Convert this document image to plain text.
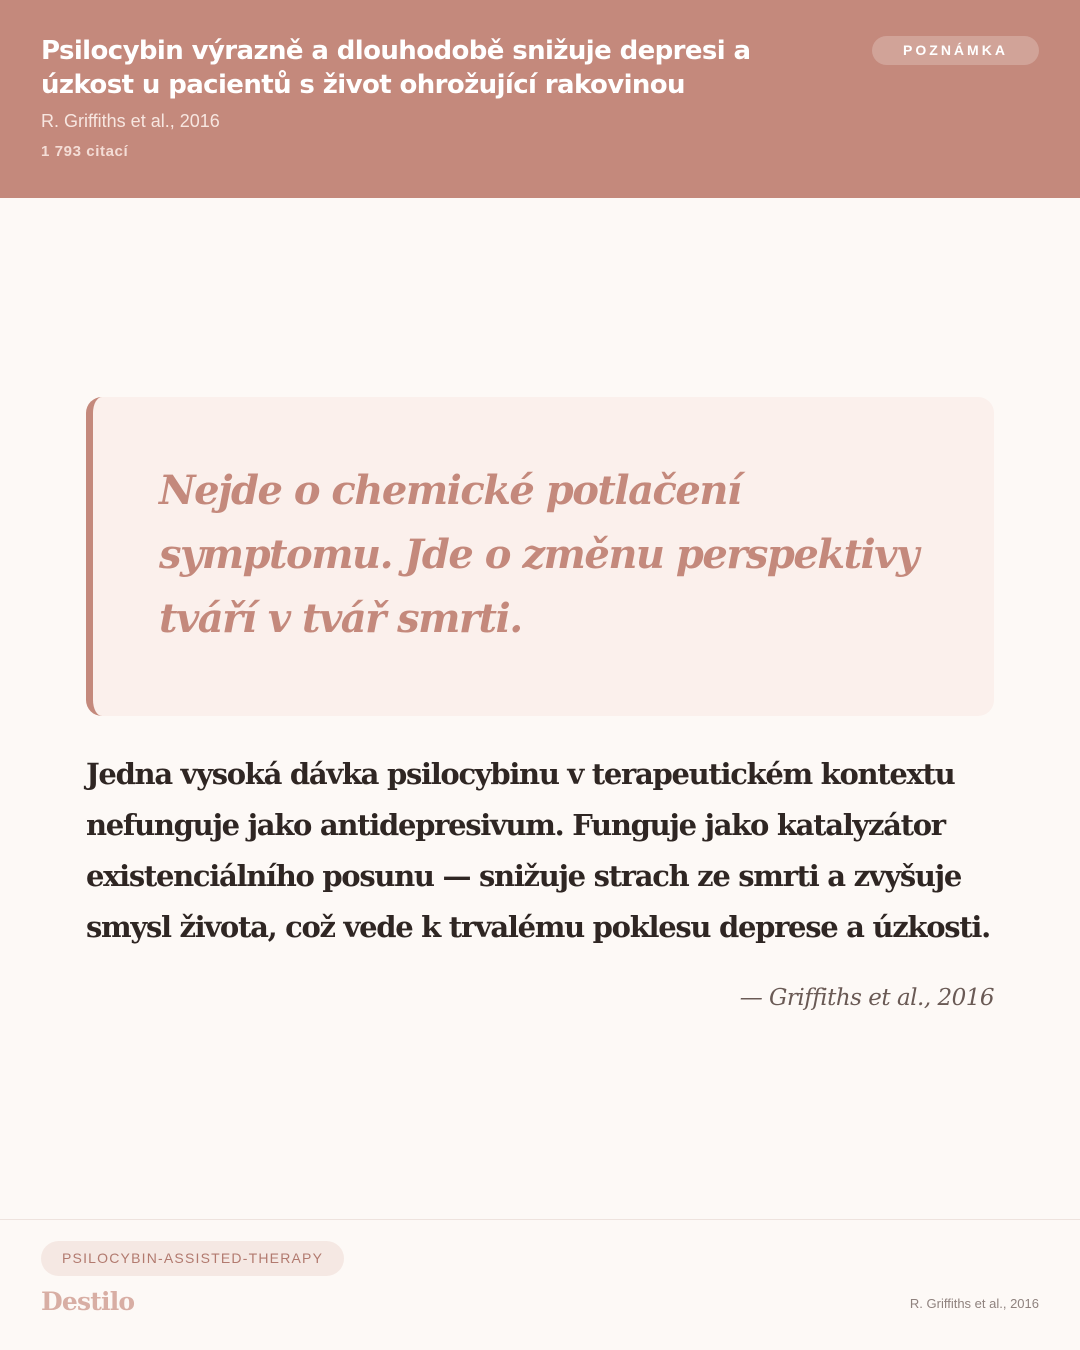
Psilocybin výrazně a dlouhodobě snižuje depresi a úzkost u pacientů s život ohrožující rakovinou
R. Griffiths et al., 2016
1 793 citací
POZNÁMKA
Nejde o chemické potlačení symptomu. Jde o změnu perspektivy tváří v tvář smrti.
Jedna vysoká dávka psilocybinu v terapeutickém kontextu nefunguje jako antidepresivum. Funguje jako katalyzátor existenciálního posunu — snižuje strach ze smrti a zvyšuje smysl života, což vede k trvalému poklesu deprese a úzkosti.
— Griffiths et al., 2016
PSILOCYBIN-ASSISTED-THERAPY
Destilo	R. Griffiths et al., 2016
